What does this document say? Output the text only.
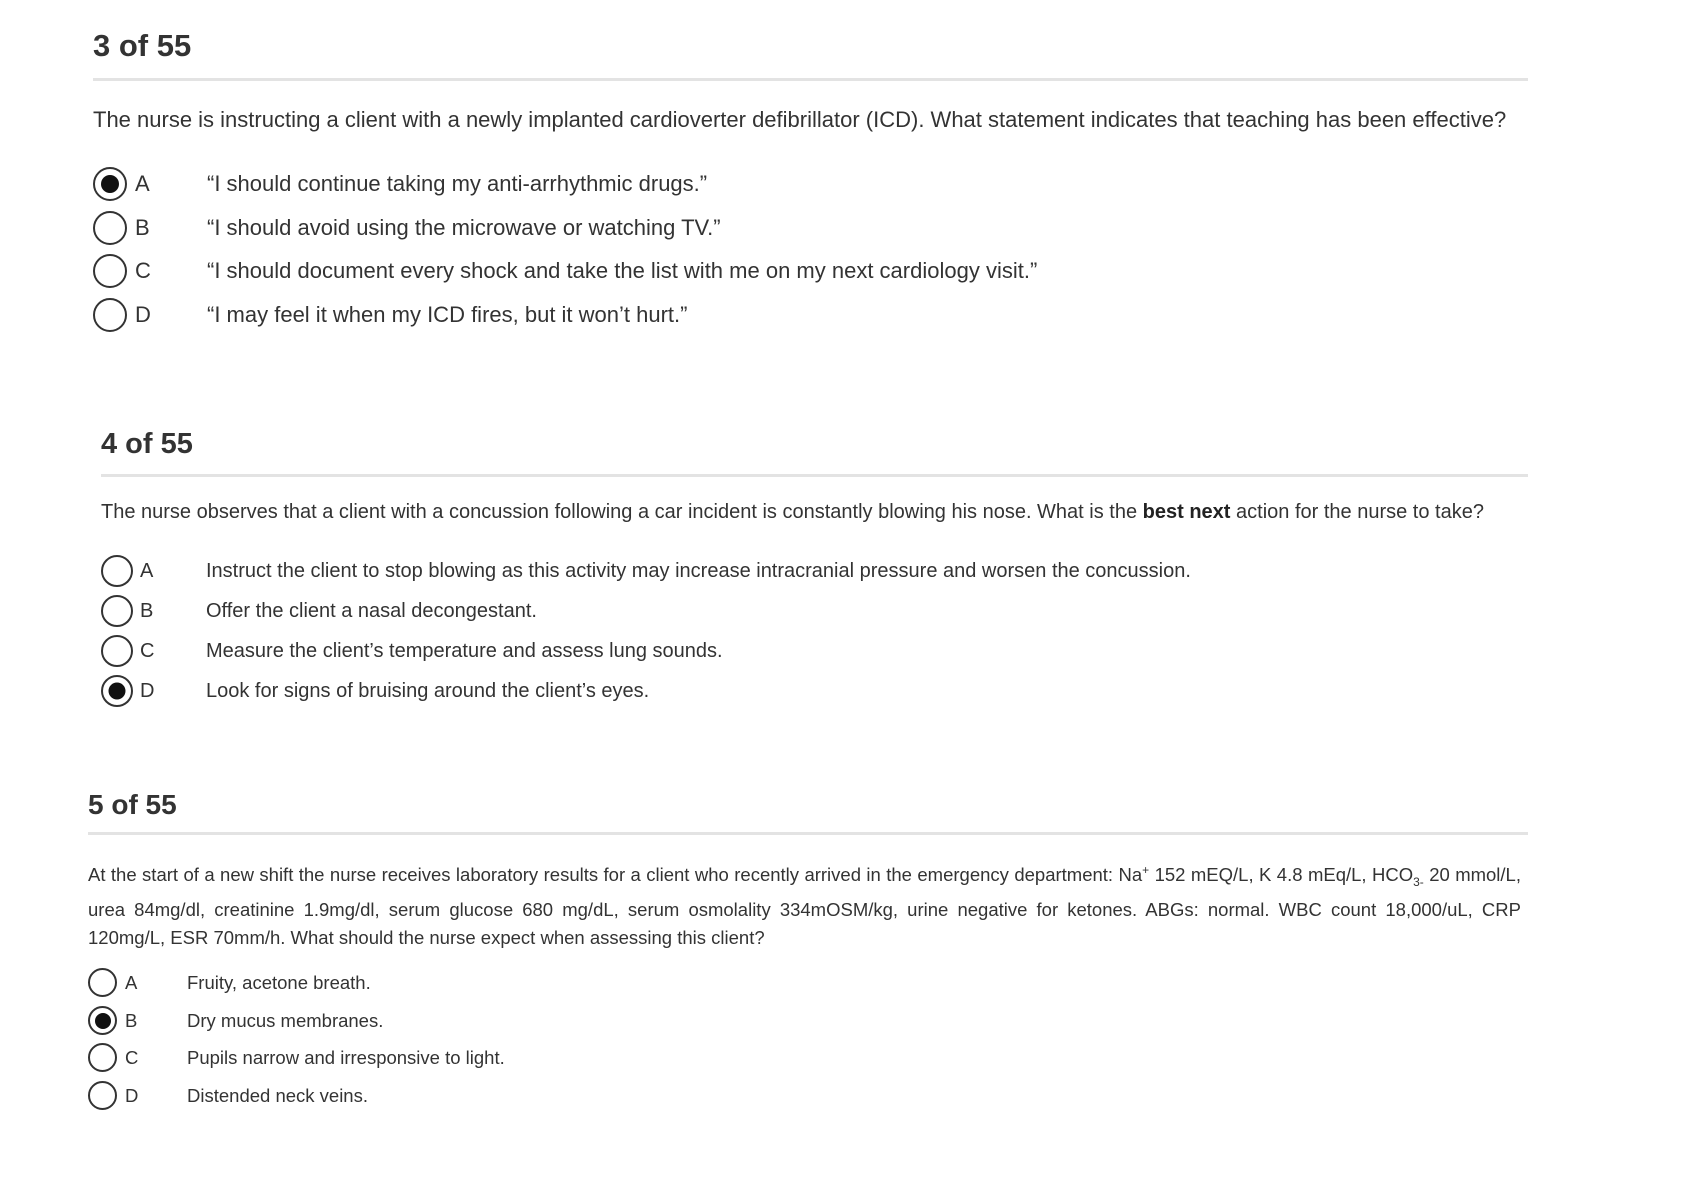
3 of 55
The nurse is instructing a client with a newly implanted cardioverter defibrillator (ICD). What statement indicates that teaching has been effective?
A	“I should continue taking my anti-arrhythmic drugs.”
B	“I should avoid using the microwave or watching TV.”
C	“I should document every shock and take the list with me on my next cardiology visit.”
D	“I may feel it when my ICD fires, but it won’t hurt.”
4 of 55
The nurse observes that a client with a concussion following a car incident is constantly blowing his nose. What is the best next action for the nurse to take?
A	Instruct the client to stop blowing as this activity may increase intracranial pressure and worsen the concussion.
B	Offer the client a nasal decongestant.
C	Measure the client’s temperature and assess lung sounds.
D	Look for signs of bruising around the client’s eyes.
5 of 55
At the start of a new shift the nurse receives laboratory results for a client who recently arrived in the emergency department: Na+ 152 mEQ/L, K 4.8 mEq/L, $HCO_{3-}$ 20 mmol/L, urea 84mg/dl, creatinine 1.9mg/dl, serum glucose 680 mg/dL, serum osmolality 334mOSM/kg, urine negative for ketones. ABGs: normal. WBC count 18,000/uL, CRP 120mg/L, ESR 70mm/h. What should the nurse expect when assessing this client?
A	Fruity, acetone breath.
B	Dry mucus membranes.
C	Pupils narrow and irresponsive to light.
D	Distended neck veins.
